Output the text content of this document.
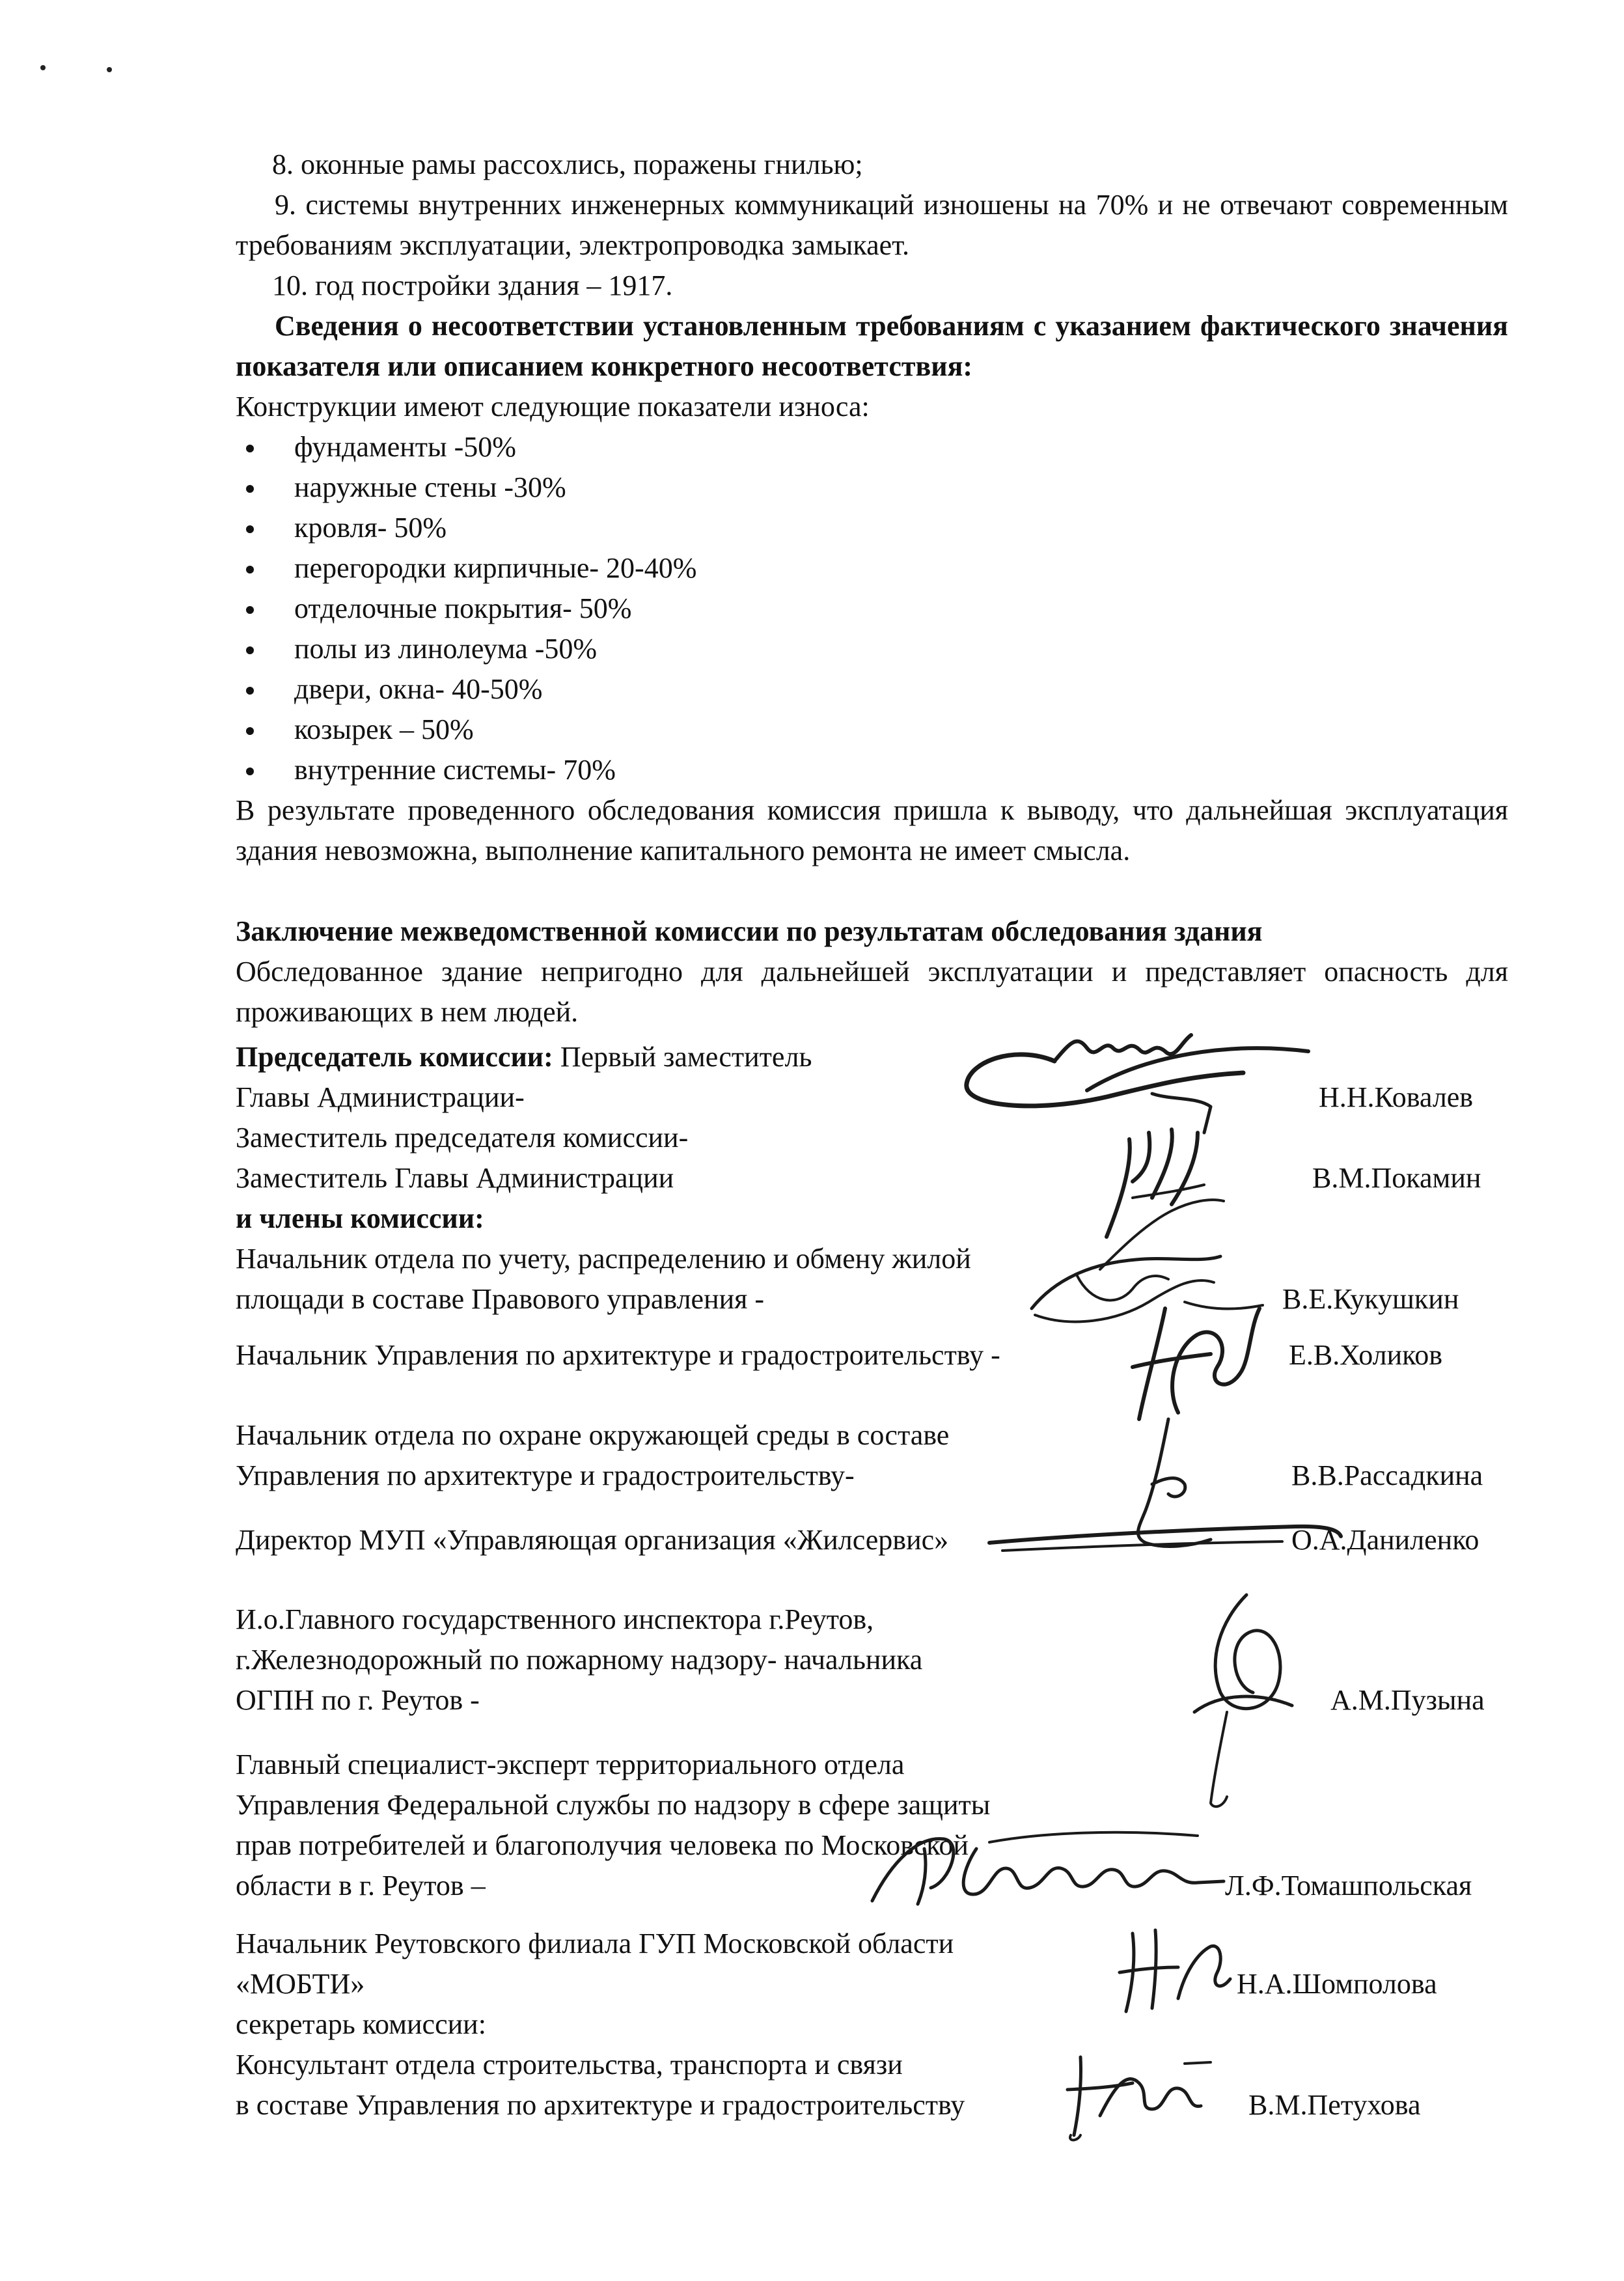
8. оконные рамы рассохлись, поражены гнилью;

9. системы внутренних инженерных коммуникаций изношены на 70% и не отвечают современным требованиям эксплуатации, электропроводка замыкает.

10. год постройки здания – 1917.

Сведения о несоответствии установленным требованиям с указанием фактического значения показателя или описанием конкретного несоответствия:

Конструкции имеют следующие показатели износа:

фундаменты -50%
наружные стены -30%
кровля- 50%
перегородки кирпичные- 20-40%
отделочные покрытия- 50%
полы из линолеума -50%
двери, окна- 40-50%
козырек – 50%
внутренние системы- 70%

В результате проведенного обследования комиссия пришла к выводу, что дальнейшая эксплуатация здания невозможна, выполнение капитального ремонта не имеет смысла.

Заключение межведомственной комиссии по результатам обследования здания

Обследованное здание непригодно для дальнейшей эксплуатации и представляет опасность для проживающих в нем людей.

Председатель комиссии: Первый заместитель
Главы Администрации-	Н.Н.Ковалев
Заместитель председателя комиссии-
Заместитель Главы Администрации	В.М.Покамин
и члены комиссии:
Начальник отдела по учету, распределению и обмену жилой
площади в составе Правового управления -	В.Е.Кукушкин
Начальник Управления по архитектуре и градостроительству -	Е.В.Холиков
Начальник отдела по охране окружающей среды в составе
Управления по архитектуре и градостроительству-	В.В.Рассадкина
Директор МУП «Управляющая организация «Жилсервис»	О.А.Даниленко
И.о.Главного государственного инспектора г.Реутов,
г.Железнодорожный по пожарному надзору- начальника
ОГПН по г. Реутов -	А.М.Пузына
Главный специалист-эксперт территориального отдела
Управления Федеральной службы по надзору в сфере защиты
прав потребителей и благополучия человека по Московской
области в г. Реутов –	Л.Ф.Томашпольская
Начальник Реутовского филиала ГУП Московской области
«МОБТИ»	Н.А.Шомполова
секретарь комиссии:
Консультант отдела строительства, транспорта и связи
в составе Управления по архитектуре и градостроительству	В.М.Петухова
